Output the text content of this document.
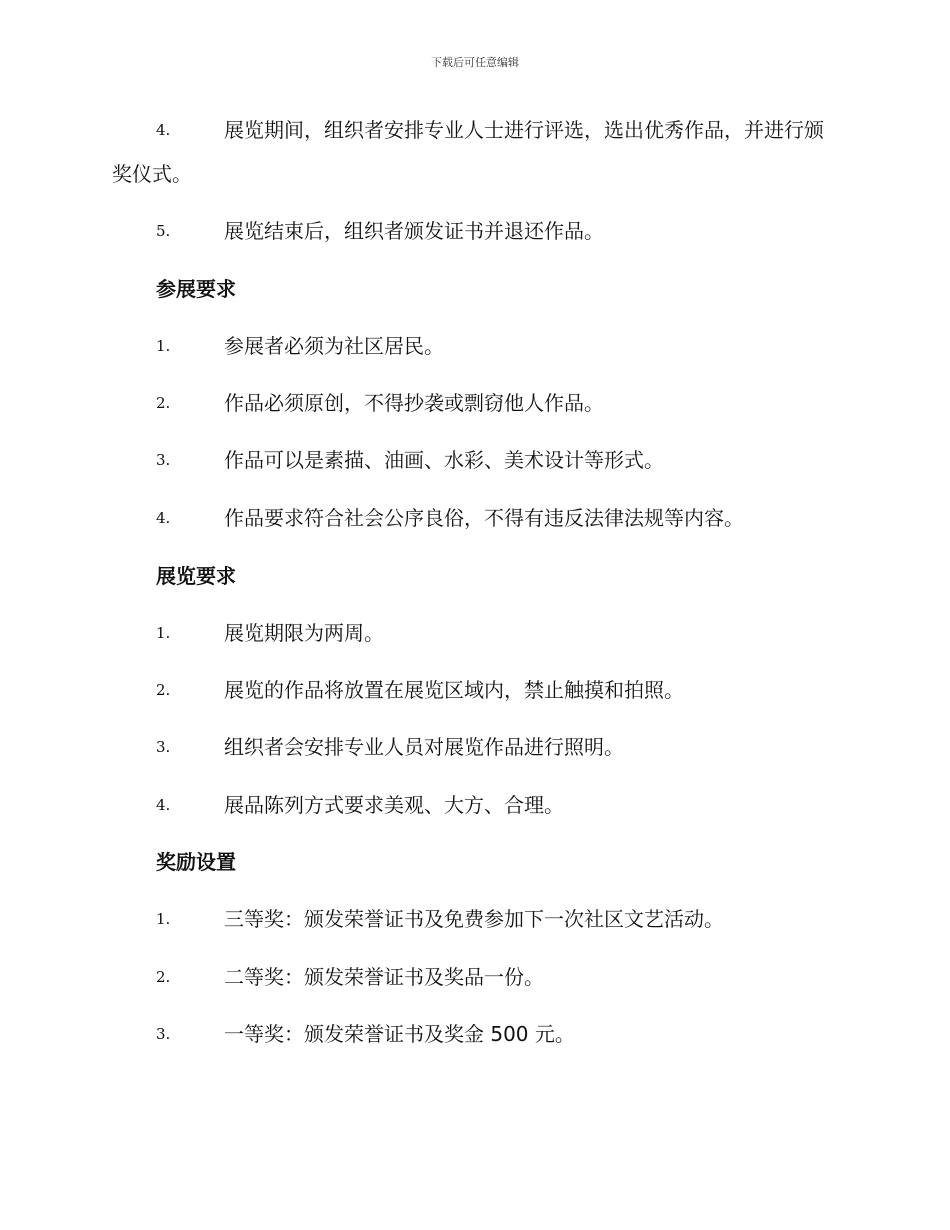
下载后可任意编辑
4.	展览期间，组织者安排专业人士进行评选，选出优秀作品，并进行颁奖仪式。
5.	展览结束后，组织者颁发证书并退还作品。
参展要求
1.	参展者必须为社区居民。
2.	作品必须原创，不得抄袭或剽窃他人作品。
3.	作品可以是素描、油画、水彩、美术设计等形式。
4.	作品要求符合社会公序良俗，不得有违反法律法规等内容。
展览要求
1.	展览期限为两周。
2.	展览的作品将放置在展览区域内，禁止触摸和拍照。
3.	组织者会安排专业人员对展览作品进行照明。
4.	展品陈列方式要求美观、大方、合理。
奖励设置
1.	三等奖：颁发荣誉证书及免费参加下一次社区文艺活动。
2.	二等奖：颁发荣誉证书及奖品一份。
3.	一等奖：颁发荣誉证书及奖金 500 元。
